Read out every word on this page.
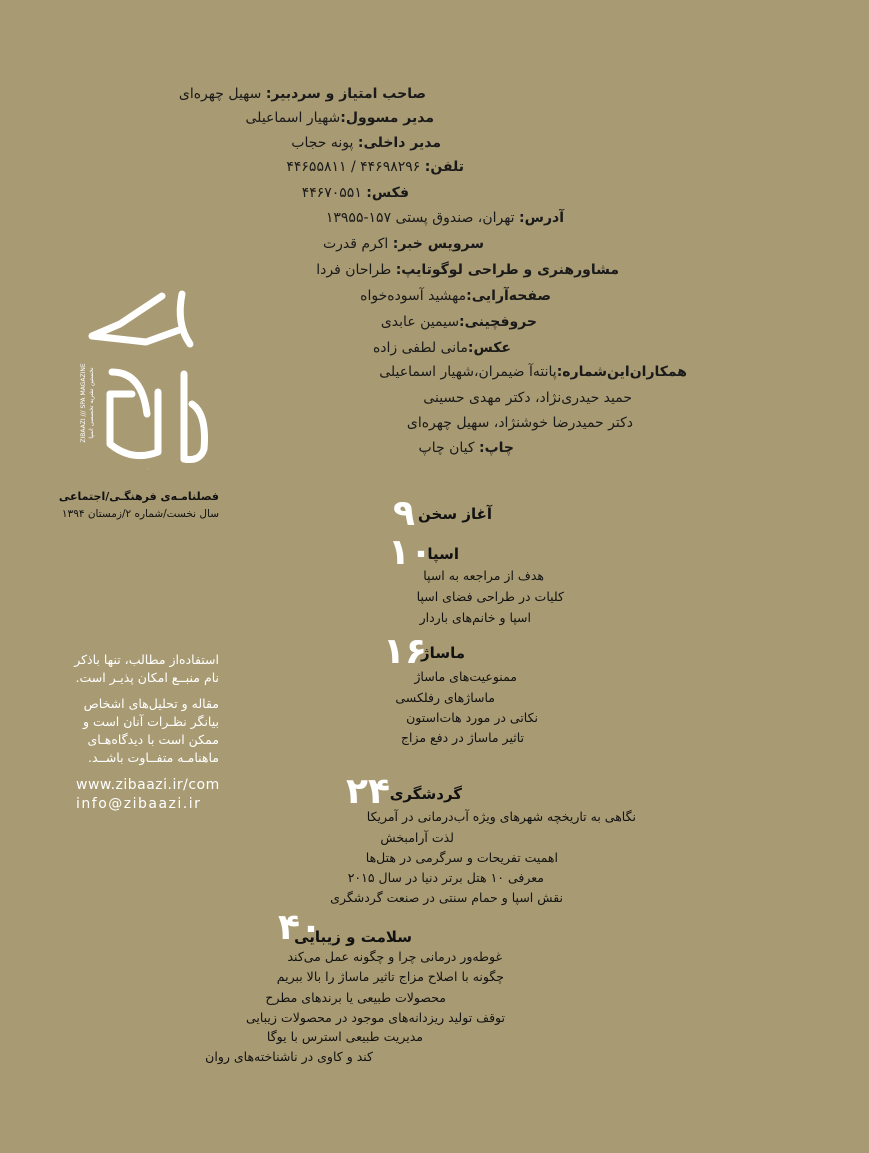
صاحب امتیاز و سردبیر: سهیل چهره‌ای
مدیر مسوول:شهیار اسماعیلی
مدیر داخلی: پونه حجاب
تلفن: ۴۴۶۹۸۲۹۶ / ۴۴۶۵۵۸۱۱
فکس: ۴۴۶۷۰۵۵۱
آدرس: تهران، صندوق پستی ۱۵۷-۱۳۹۵۵
سرویس خبر: اکرم قدرت
مشاورهنری و طراحی لوگوتایپ: طراحان فردا
صفحه‌آرایی:مهشید آسوده‌خواه
حروفچینی:سیمین عابدی
عکس:مانی لطفی زاده
همکاران‌این‌شماره:پانته‌آ ضیمران،شهیار اسماعیلی
حمید حیدری‌نژاد، دکتر مهدی حسینی
دکتر حمیدرضا خوشنژاد، سهیل چهره‌ای
چاپ: کیان چاپ
زیبا
ZIBAAZI /// SPA MAGAZINE نخستین نشریه تخصصی اسپا
فصلنامـه‌ی فرهنگـی/اجتماعی
سال نخست/شماره ۲/زمستان ۱۳۹۴
استفاده‌از مطالب، تنها باذکر
نام منبــع امکان پذیـر است.
مقاله و تحلیل‌های اشخاص
بیانگر نظـرات آنان است و
ممکن است با دیدگاه‌هـای
ماهنامـه متفــاوت باشــد.
www.zibaazi.ir/com
info@zibaazi.ir
۹ آغاز سخن
۱۰
اسپا
هدف از مراجعه به اسپا
کلیات در طراحی فضای اسپا
اسپا و خانم‌های باردار
۱۶
ماساژ
ممنوعیت‌های ماساژ
ماساژهای رفلکسی
نکاتی در مورد هات‌استون
تاثیر ماساژ در دفع مزاج
۲۴ گردشگری
نگاهی به تاریخچه شهرهای ویژه آب‌درمانی در آمریکا
لذت آرامبخش
اهمیت تفریحات و سرگرمی در هتل‌ها
معرفی ۱۰ هتل برتر دنیا در سال ۲۰۱۵
نقش اسپا و حمام سنتی در صنعت گردشگری
۴۰
سلامت و زیبایی
غوطه‌ور درمانی چرا و چگونه عمل می‌کند
چگونه با اصلاح مزاج تاثیر ماساژ را بالا ببریم
محصولات طبیعی یا برندهای مطرح
توقف تولید ریزدانه‌های موجود در محصولات زیبایی
مدیریت طبیعی استرس با یوگا
کند و کاوی در ناشناخته‌های روان
